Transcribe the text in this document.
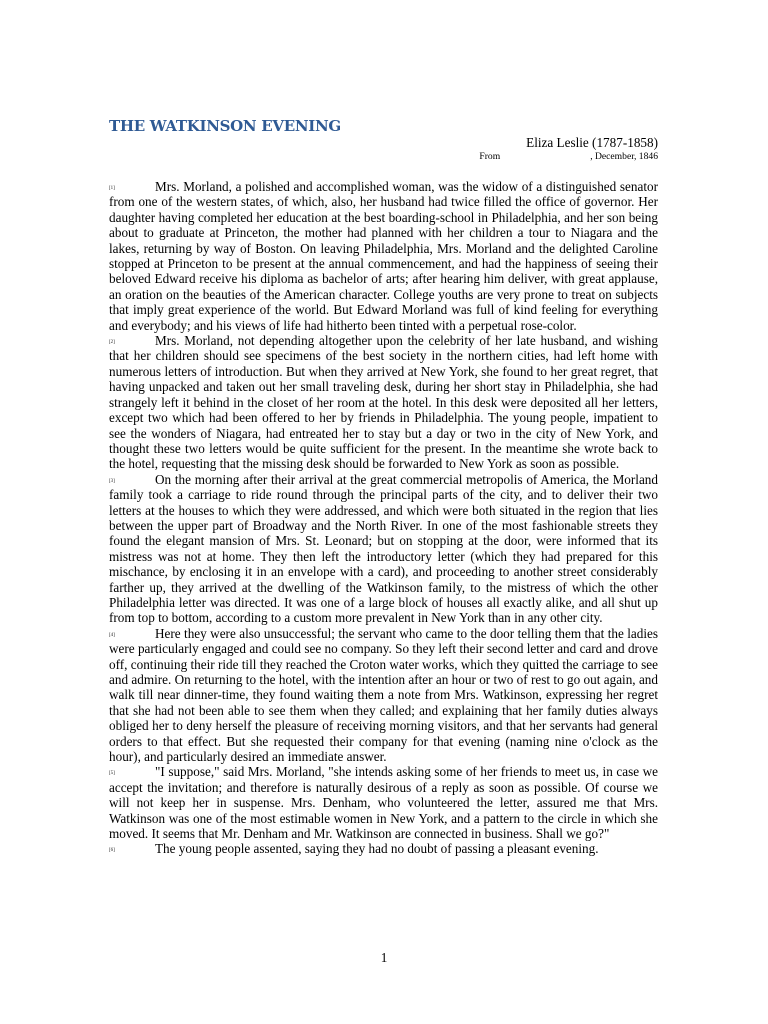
THE WATKINSON EVENING
Eliza Leslie (1787-1858)
From	, December, 1846

[1]	Mrs. Morland, a polished and accomplished woman, was the widow of a distinguished senator from one of the western states, of which, also, her husband had twice filled the office of governor. Her daughter having completed her education at the best boarding-school in Philadelphia, and her son being about to graduate at Princeton, the mother had planned with her children a tour to Niagara and the lakes, returning by way of Boston. On leaving Philadelphia, Mrs. Morland and the delighted Caroline stopped at Princeton to be present at the annual commencement, and had the happiness of seeing their beloved Edward receive his diploma as bachelor of arts; after hearing him deliver, with great applause, an oration on the beauties of the American character. College youths are very prone to treat on subjects that imply great experience of the world. But Edward Morland was full of kind feeling for everything and everybody; and his views of life had hitherto been tinted with a perpetual rose-color.

[2]	Mrs. Morland, not depending altogether upon the celebrity of her late husband, and wishing that her children should see specimens of the best society in the northern cities, had left home with numerous letters of introduction. But when they arrived at New York, she found to her great regret, that having unpacked and taken out her small traveling desk, during her short stay in Philadelphia, she had strangely left it behind in the closet of her room at the hotel. In this desk were deposited all her letters, except two which had been offered to her by friends in Philadelphia. The young people, impatient to see the wonders of Niagara, had entreated her to stay but a day or two in the city of New York, and thought these two letters would be quite sufficient for the present. In the meantime she wrote back to the hotel, requesting that the missing desk should be forwarded to New York as soon as possible.

[3]	On the morning after their arrival at the great commercial metropolis of America, the Morland family took a carriage to ride round through the principal parts of the city, and to deliver their two letters at the houses to which they were addressed, and which were both situated in the region that lies between the upper part of Broadway and the North River. In one of the most fashionable streets they found the elegant mansion of Mrs. St. Leonard; but on stopping at the door, were informed that its mistress was not at home. They then left the introductory letter (which they had prepared for this mischance, by enclosing it in an envelope with a card), and proceeding to another street considerably farther up, they arrived at the dwelling of the Watkinson family, to the mistress of which the other Philadelphia letter was directed. It was one of a large block of houses all exactly alike, and all shut up from top to bottom, according to a custom more prevalent in New York than in any other city.

[4]	Here they were also unsuccessful; the servant who came to the door telling them that the ladies were particularly engaged and could see no company. So they left their second letter and card and drove off, continuing their ride till they reached the Croton water works, which they quitted the carriage to see and admire. On returning to the hotel, with the intention after an hour or two of rest to go out again, and walk till near dinner-time, they found waiting them a note from Mrs. Watkinson, expressing her regret that she had not been able to see them when they called; and explaining that her family duties always obliged her to deny herself the pleasure of receiving morning visitors, and that her servants had general orders to that effect. But she requested their company for that evening (naming nine o'clock as the hour), and particularly desired an immediate answer.

[5]	"I suppose," said Mrs. Morland, "she intends asking some of her friends to meet us, in case we accept the invitation; and therefore is naturally desirous of a reply as soon as possible. Of course we will not keep her in suspense. Mrs. Denham, who volunteered the letter, assured me that Mrs. Watkinson was one of the most estimable women in New York, and a pattern to the circle in which she moved. It seems that Mr. Denham and Mr. Watkinson are connected in business. Shall we go?"

[6]	The young people assented, saying they had no doubt of passing a pleasant evening.

1
